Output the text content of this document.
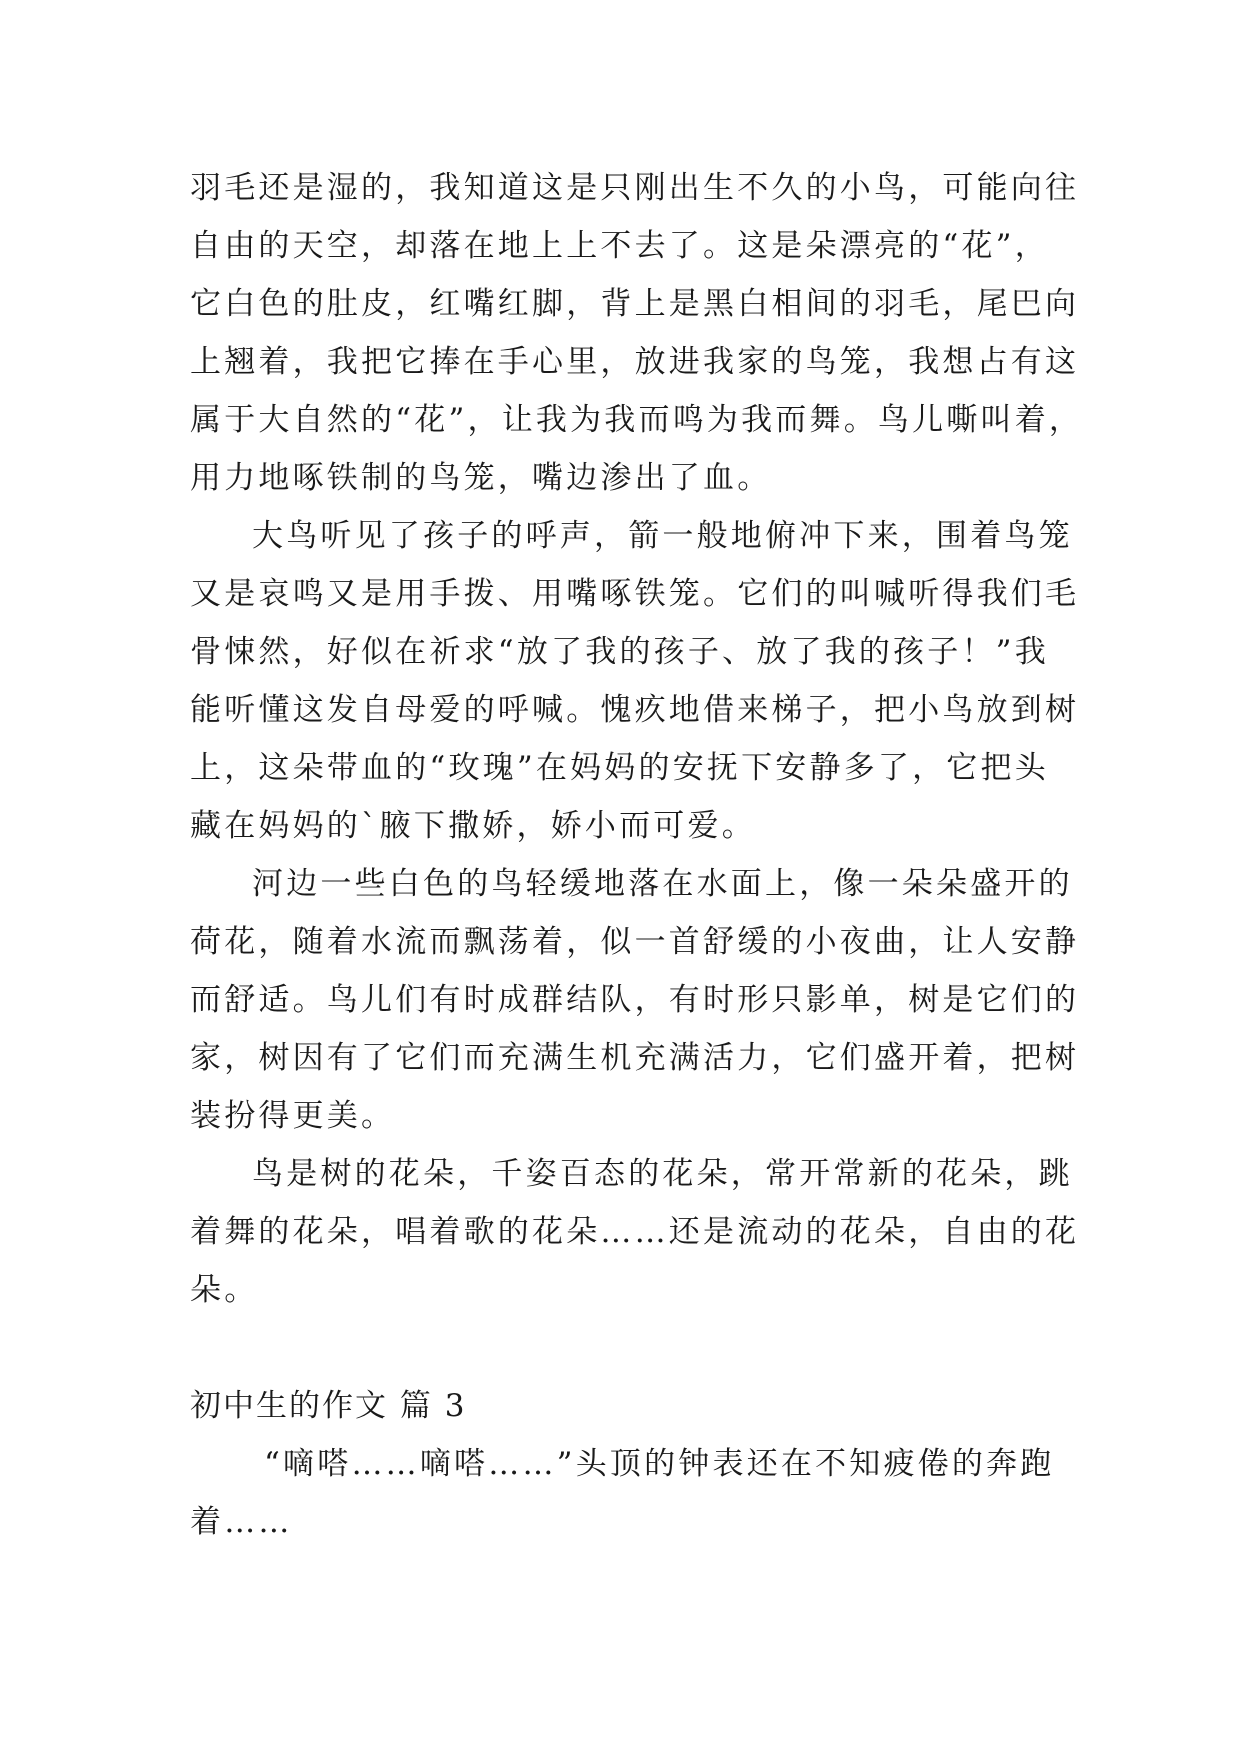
羽毛还是湿的，我知道这是只刚出生不久的小鸟，可能向往
自由的天空，却落在地上上不去了。这是朵漂亮的“花”，
它白色的肚皮，红嘴红脚，背上是黑白相间的羽毛，尾巴向
上翘着，我把它捧在手心里，放进我家的鸟笼，我想占有这
属于大自然的“花”，让我为我而鸣为我而舞。鸟儿嘶叫着，
用力地啄铁制的鸟笼，嘴边渗出了血。
大鸟听见了孩子的呼声，箭一般地俯冲下来，围着鸟笼
又是哀鸣又是用手拨、用嘴啄铁笼。它们的叫喊听得我们毛
骨悚然，好似在祈求“放了我的孩子、放了我的孩子！”我
能听懂这发自母爱的呼喊。愧疚地借来梯子，把小鸟放到树
上，这朵带血的“玫瑰”在妈妈的安抚下安静多了，它把头
藏在妈妈的`腋下撒娇，娇小而可爱。
河边一些白色的鸟轻缓地落在水面上，像一朵朵盛开的
荷花，随着水流而飘荡着，似一首舒缓的小夜曲，让人安静
而舒适。鸟儿们有时成群结队，有时形只影单，树是它们的
家，树因有了它们而充满生机充满活力，它们盛开着，把树
装扮得更美。
鸟是树的花朵，千姿百态的花朵，常开常新的花朵，跳
着舞的花朵，唱着歌的花朵……还是流动的花朵，自由的花
朵。
初中生的作文 篇 3
“嘀嗒……嘀嗒……”头顶的钟表还在不知疲倦的奔跑
着……
